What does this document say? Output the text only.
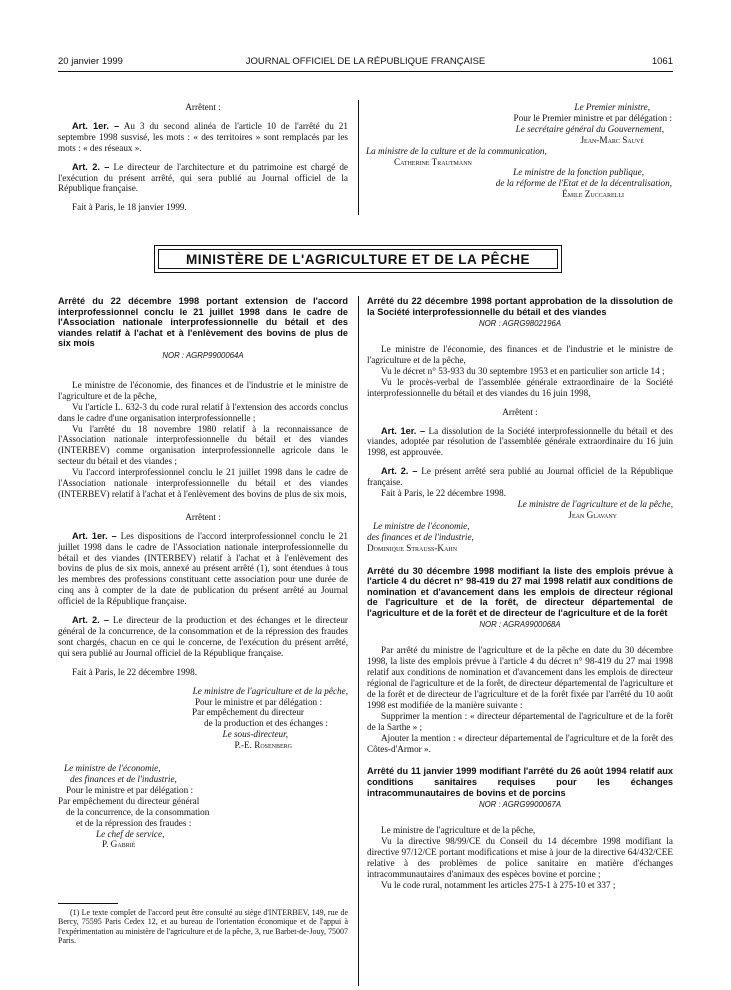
20 janvier 1999	JOURNAL OFFICIEL DE LA RÉPUBLIQUE FRANÇAISE	1061

Arrêtent :

Art. 1er. – Au 3 du second alinéa de l'article 10 de l'arrêté du 21 septembre 1998 susvisé, les mots : « des territoires » sont remplacés par les mots : « des réseaux ».

Art. 2. – Le directeur de l'architecture et du patrimoine est chargé de l'exécution du présent arrêté, qui sera publié au Journal officiel de la République française.

Fait à Paris, le 18 janvier 1999.

Le Premier ministre,

Pour le Premier ministre et par délégation :

Le secrétaire général du Gouvernement,

Jean-Marc Sauvé

La ministre de la culture et de la communication,

Catherine Trautmann

Le ministre de la fonction publique,

de la réforme de l'Etat et de la décentralisation,

Émile Zuccarelli

MINISTÈRE DE L'AGRICULTURE ET DE LA PÊCHE
Arrêté du 22 décembre 1998 portant extension de l'accord interprofessionnel conclu le 21 juillet 1998 dans le cadre de l'Association nationale interprofessionnelle du bétail et des viandes relatif à l'achat et à l'enlèvement des bovins de plus de six mois
NOR : AGRP9900064A

Le ministre de l'économie, des finances et de l'industrie et le ministre de l'agriculture et de la pêche,

Vu l'article L. 632-3 du code rural relatif à l'extension des accords conclus dans le cadre d'une organisation interprofessionnelle ;

Vu l'arrêté du 18 novembre 1980 relatif à la reconnaissance de l'Association nationale interprofessionnelle du bétail et des viandes (INTERBEV) comme organisation interprofessionnelle agricole dans le secteur du bétail et des viandes ;

Vu l'accord interprofessionnel conclu le 21 juillet 1998 dans le cadre de l'Association nationale interprofessionnelle du bétail et des viandes (INTERBEV) relatif à l'achat et à l'enlèvement des bovins de plus de six mois,

Arrêtent :

Art. 1er. – Les dispositions de l'accord interprofessionnel conclu le 21 juillet 1998 dans le cadre de l'Association nationale interprofessionnelle du bétail et des viandes (INTERBEV) relatif à l'achat et à l'enlèvement des bovins de plus de six mois, annexé au présent arrêté (1), sont étendues à tous les membres des professions constituant cette association pour une durée de cinq ans à compter de la date de publication du présent arrêté au Journal officiel de la République française.

Art. 2. – Le directeur de la production et des échanges et le directeur général de la concurrence, de la consommation et de la répression des fraudes sont chargés, chacun en ce qui le concerne, de l'exécution du présent arrêté, qui sera publié au Journal officiel de la République française.

Fait à Paris, le 22 décembre 1998.

Le ministre de l'agriculture et de la pêche,

Pour le ministre et par délégation :

Par empêchement du directeur

de la production et des échanges :

Le sous-directeur,

P.-E. Rosenberg

Le ministre de l'économie,

des finances et de l'industrie,

Pour le ministre et par délégation :

Par empêchement du directeur général

de la concurrence, de la consommation

et de la répression des fraudes :

Le chef de service,

P. Gabrié

(1) Le texte complet de l'accord peut être consulté au siège d'INTERBEV, 149, rue de Bercy, 75595 Paris Cedex 12, et au bureau de l'orientation économique et de l'appui à l'expérimentation au ministère de l'agriculture et de la pêche, 3, rue Barbet-de-Jouy, 75007 Paris.
Arrêté du 22 décembre 1998 portant approbation de la dissolution de la Société interprofessionnelle du bétail et des viandes
NOR : AGRG9802196A

Le ministre de l'économie, des finances et de l'industrie et le ministre de l'agriculture et de la pêche,

Vu le décret n° 53-933 du 30 septembre 1953 et en particulier son article 14 ;

Vu le procès-verbal de l'assemblée générale extraordinaire de la Société interprofessionnelle du bétail et des viandes du 16 juin 1998,

Arrêtent :

Art. 1er. – La dissolution de la Société interprofessionnelle du bétail et des viandes, adoptée par résolution de l'assemblée générale extraordinaire du 16 juin 1998, est approuvée.

Art. 2. – Le présent arrêté sera publié au Journal officiel de la République française.

Fait à Paris, le 22 décembre 1998.

Le ministre de l'agriculture et de la pêche,

Jean Glavany

Le ministre de l'économie,

des finances et de l'industrie,

Dominique Strauss-Kahn

Arrêté du 30 décembre 1998 modifiant la liste des emplois prévue à l'article 4 du décret n° 98-419 du 27 mai 1998 relatif aux conditions de nomination et d'avancement dans les emplois de directeur régional de l'agriculture et de la forêt, de directeur départemental de l'agriculture et de la forêt et de directeur de l'agriculture et de la forêt
NOR : AGRA9900068A

Par arrêté du ministre de l'agriculture et de la pêche en date du 30 décembre 1998, la liste des emplois prévue à l'article 4 du décret n° 98-419 du 27 mai 1998 relatif aux conditions de nomination et d'avancement dans les emplois de directeur régional de l'agriculture et de la forêt, de directeur départemental de l'agriculture et de la forêt et de directeur de l'agriculture et de la forêt fixée par l'arrêté du 10 août 1998 est modifiée de la manière suivante :

Supprimer la mention : « directeur départemental de l'agriculture et de la forêt de la Sarthe » ;

Ajouter la mention : « directeur départemental de l'agriculture et de la forêt des Côtes-d'Armor ».

Arrêté du 11 janvier 1999 modifiant l'arrêté du 26 août 1994 relatif aux conditions sanitaires requises pour les échanges intracommunautaires de bovins et de porcins
NOR : AGRG9900067A

Le ministre de l'agriculture et de la pêche,

Vu la directive 98/99/CE du Conseil du 14 décembre 1998 modifiant la directive 97/12/CE portant modifications et mise à jour de la directive 64/432/CEE relative à des problèmes de police sanitaire en matière d'échanges intracommunautaires d'animaux des espèces bovine et porcine ;

Vu le code rural, notamment les articles 275-1 à 275-10 et 337 ;
